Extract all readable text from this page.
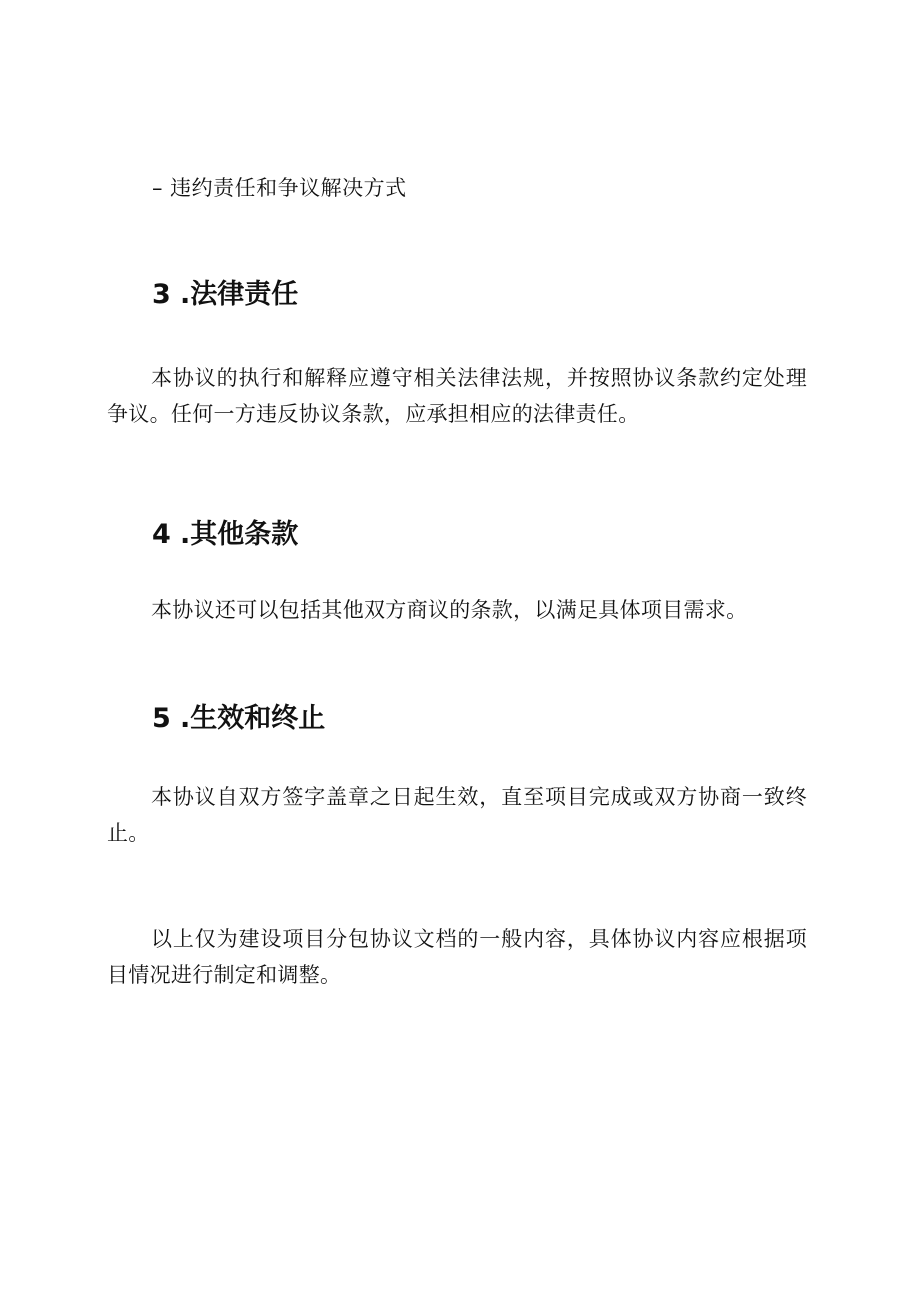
– 违约责任和争议解决方式
3 .法律责任

本协议的执行和解释应遵守相关法律法规，并按照协议条款约定处理争议。任何一方违反协议条款，应承担相应的法律责任。

4 .其他条款

本协议还可以包括其他双方商议的条款，以满足具体项目需求。

5 .生效和终止

本协议自双方签字盖章之日起生效，直至项目完成或双方协商一致终止。

以上仅为建设项目分包协议文档的一般内容，具体协议内容应根据项目情况进行制定和调整。
